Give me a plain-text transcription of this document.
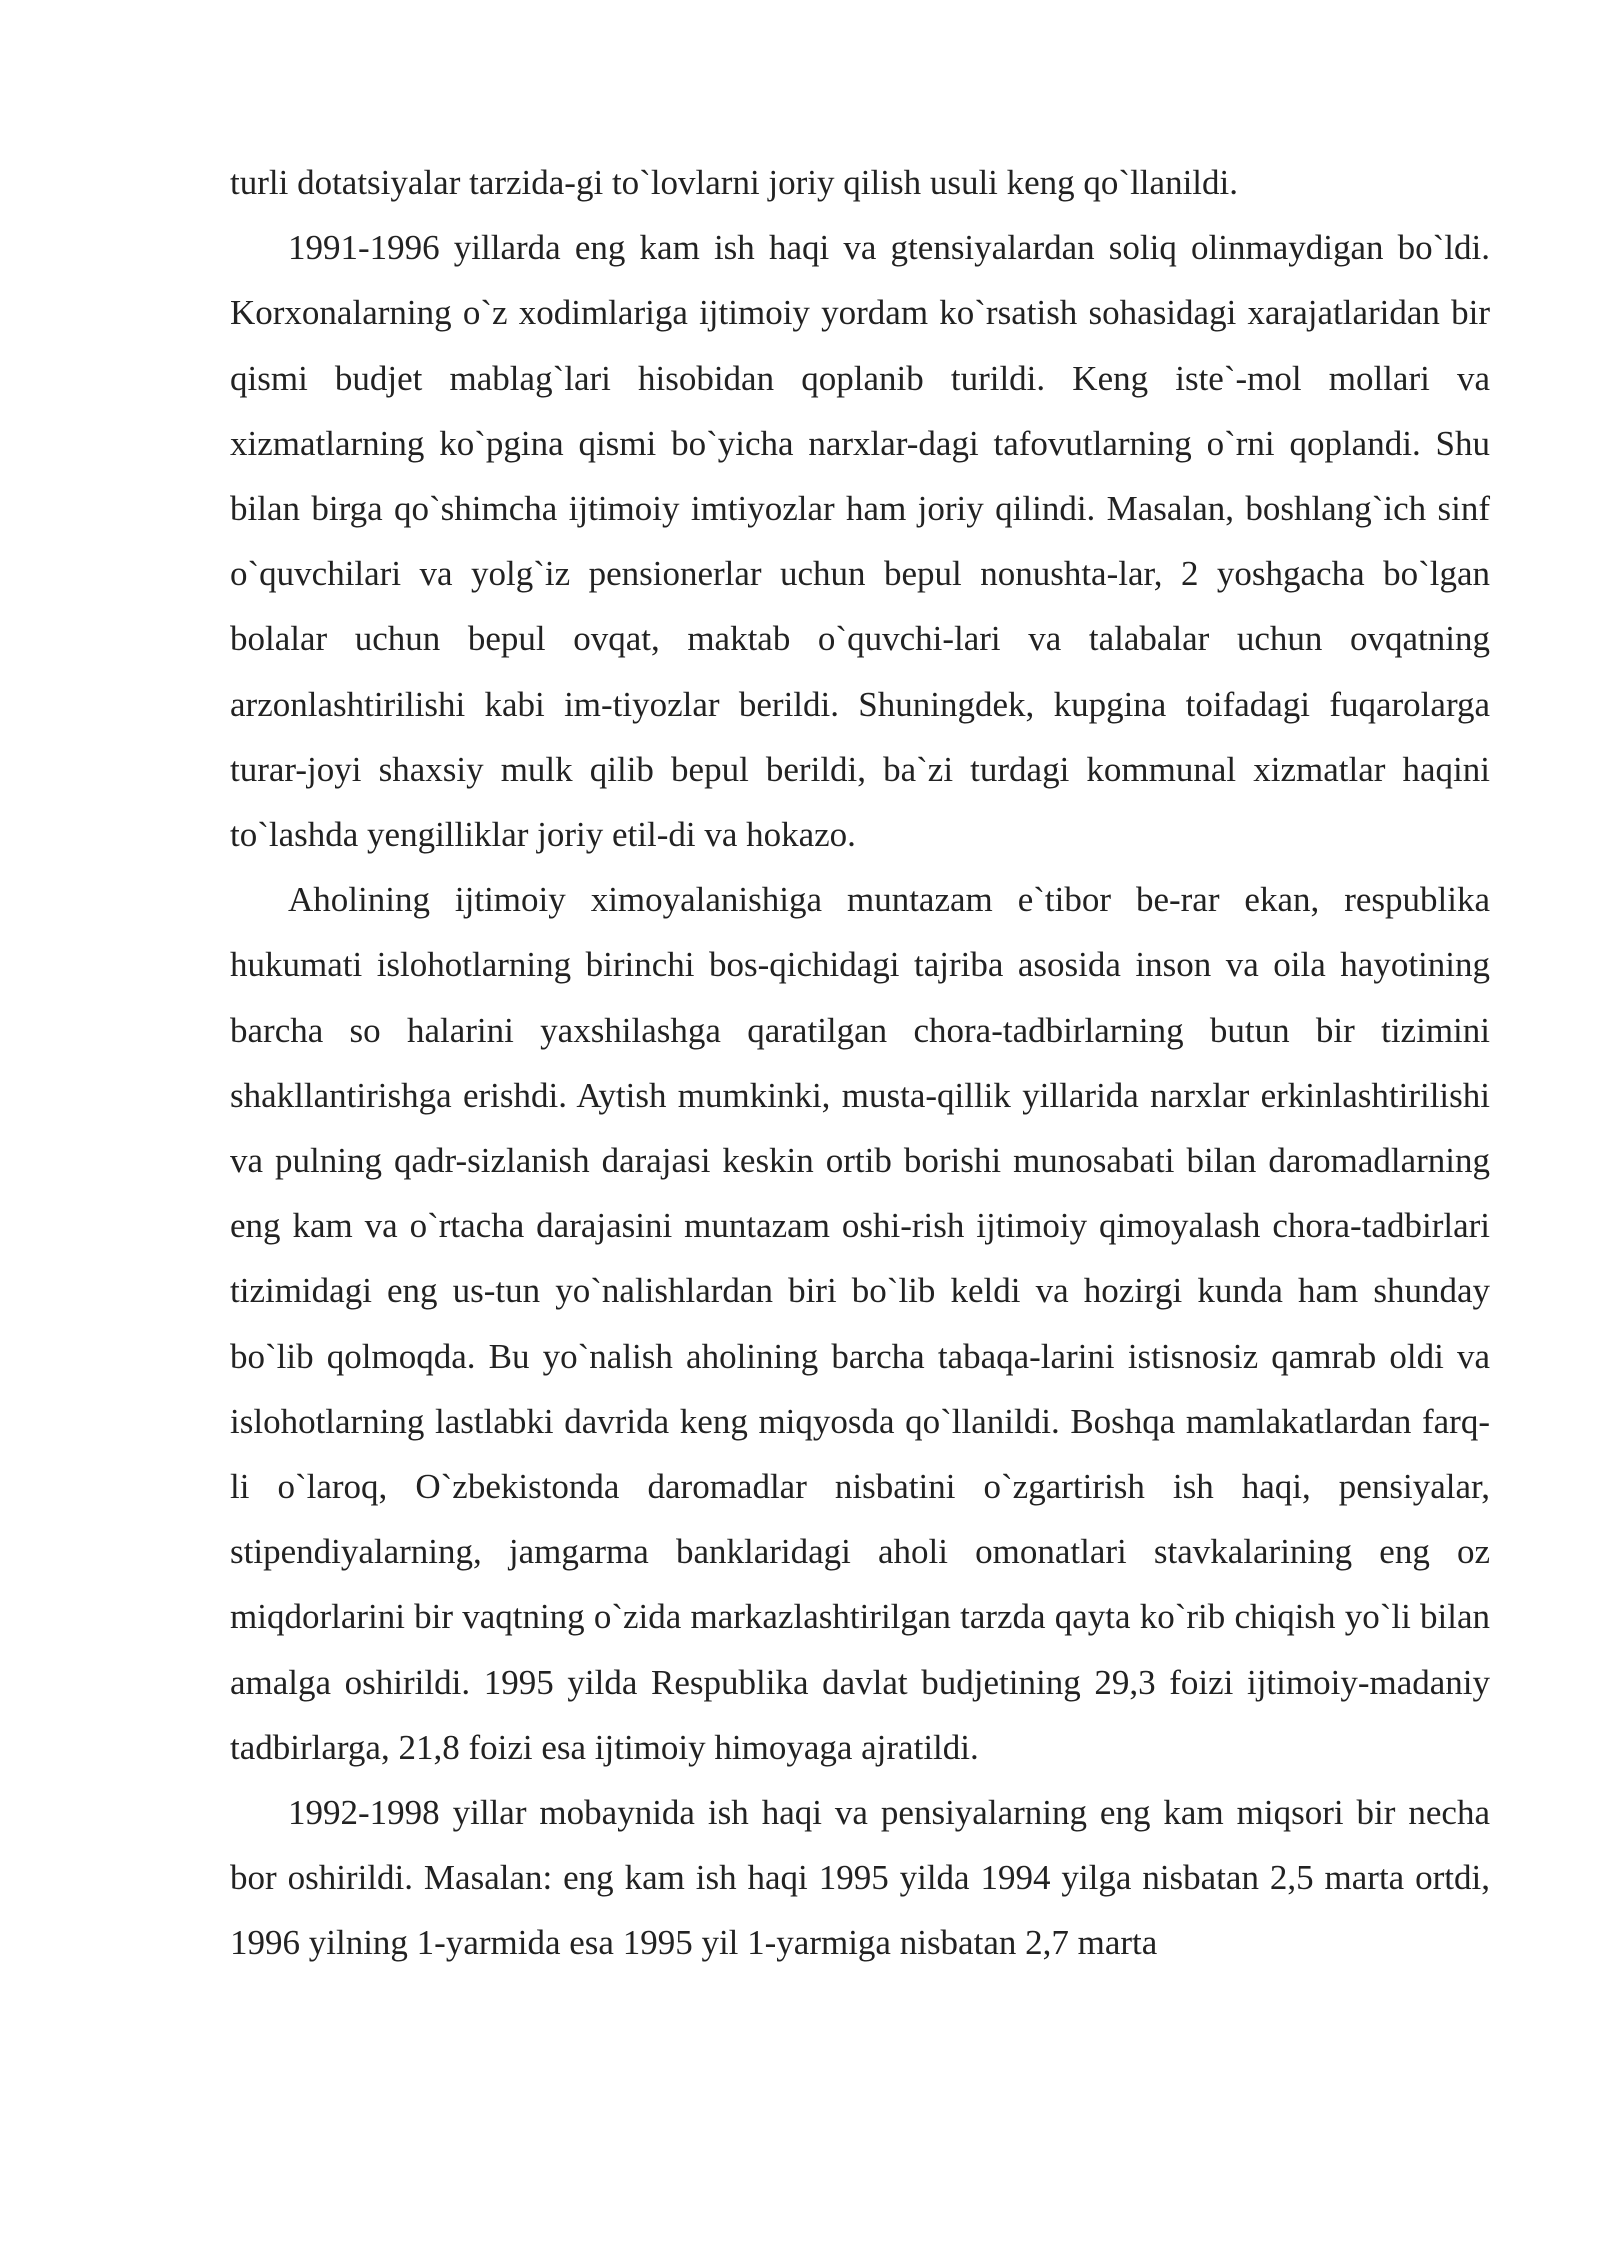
turli dotatsiyalar tarzida-gi to`lovlarni joriy qilish usuli keng qo`llanildi.

1991-1996 yillarda eng kam ish haqi va gtensiyalardan soliq olinmaydigan bo`ldi. Korxonalarning o`z xodimlariga ijtimoiy yordam ko`rsatish sohasidagi xarajatlaridan bir qismi budjet mablag`lari hisobidan qoplanib turildi. Keng iste`-mol mollari va xizmatlarning ko`pgina qismi bo`yicha narxlar-dagi tafovutlarning o`rni qoplandi. Shu bilan birga qo`shimcha ijtimoiy imtiyozlar ham joriy qilindi. Masalan, boshlang`ich sinf o`quvchilari va yolg`iz pensionerlar uchun bepul nonushta-lar, 2 yoshgacha bo`lgan bolalar uchun bepul ovqat, maktab o`quvchi-lari va talabalar uchun ovqatning arzonlashtirilishi kabi im-tiyozlar berildi. Shuningdek, kupgina toifadagi fuqarolarga turar-joyi shaxsiy mulk qilib bepul berildi, ba`zi turdagi kommunal xizmatlar haqini to`lashda yengilliklar joriy etil-di va hokazo.

Aholining ijtimoiy ximoyalanishiga muntazam e`tibor be-rar ekan, respublika hukumati islohotlarning birinchi bos-qichidagi tajriba asosida inson va oila hayotining barcha so halarini yaxshilashga qaratilgan chora-tadbirlarning butun bir tizimini shakllantirishga erishdi. Aytish mumkinki, musta-qillik yillarida narxlar erkinlashtirilishi va pulning qadr-sizlanish darajasi keskin ortib borishi munosabati bilan daromadlarning eng kam va o`rtacha darajasini muntazam oshi-rish ijtimoiy qimoyalash chora-tadbirlari tizimidagi eng us-tun yo`nalishlardan biri bo`lib keldi va hozirgi kunda ham shunday bo`lib qolmoqda. Bu yo`nalish aholining barcha tabaqa-larini istisnosiz qamrab oldi va islohotlarning lastlabki davrida keng miqyosda qo`llanildi. Boshqa mamlakatlardan farq-li o`laroq, O`zbekistonda daromadlar nisbatini o`zgartirish ish haqi, pensiyalar, stipendiyalarning, jamgarma banklaridagi aholi omonatlari stavkalarining eng oz miqdorlarini bir vaqtning o`zida markazlashtirilgan tarzda qayta ko`rib chiqish yo`li bilan amalga oshirildi. 1995 yilda Respublika davlat budjetining 29,3 foizi ijtimoiy-madaniy tadbirlarga, 21,8 foizi esa ijtimoiy himoyaga ajratildi.

1992-1998 yillar mobaynida ish haqi va pensiyalarning eng kam miqsori bir necha bor oshirildi. Masalan: eng kam ish haqi 1995 yilda 1994 yilga nisbatan 2,5 marta ortdi, 1996 yilning 1-yarmida esa 1995 yil 1-yarmiga nisbatan 2,7 marta
